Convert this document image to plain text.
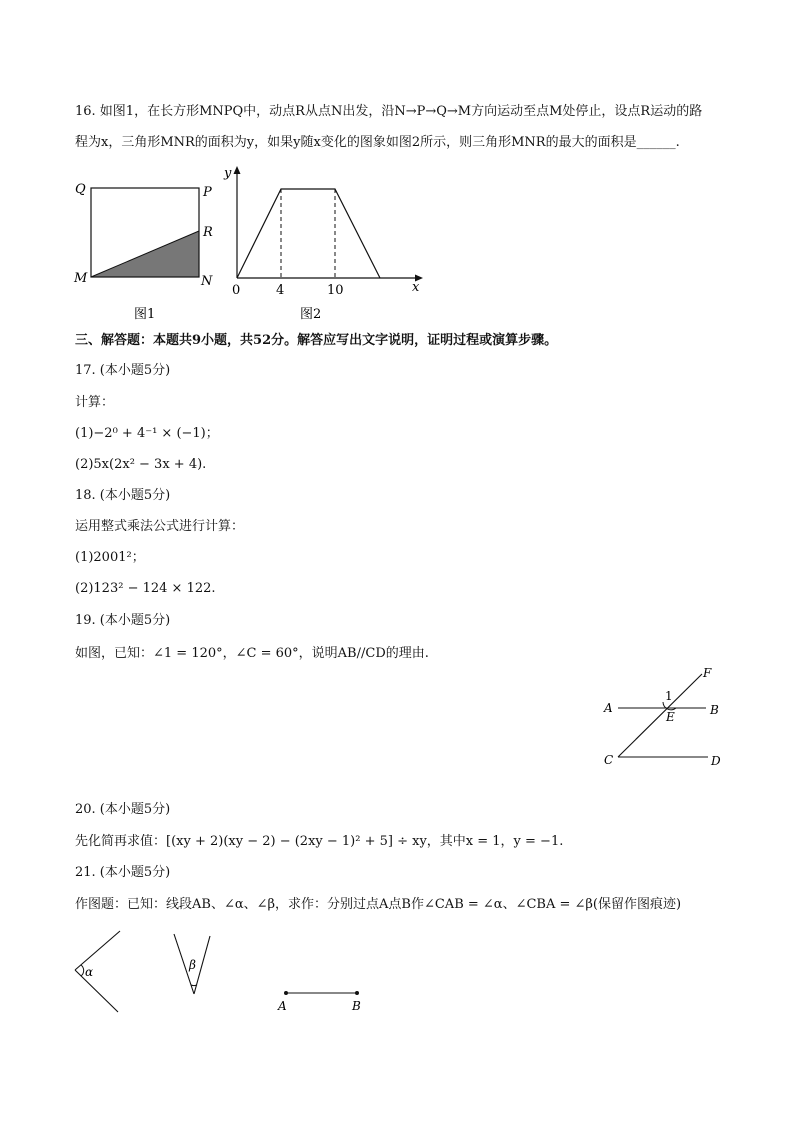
16. 如图1，在长方形MNPQ中，动点R从点N出发，沿N→P→Q→M方向运动至点M处停止，设点R运动的路
程为x，三角形MNR的面积为y，如果y随x变化的图象如图2所示，则三角形MNR的最大的面积是______.
Q	P
R
M	N
图1
y
x
0	4	10
图2
三、解答题：本题共9小题，共52分。解答应写出文字说明，证明过程或演算步骤。
17. (本小题5分)
计算：
(1)−2⁰ + 4⁻¹ × (−1)；
(2)5x(2x² − 3x + 4).
18. (本小题5分)
运用整式乘法公式进行计算：
(1)2001²；
(2)123² − 124 × 122.
19. (本小题5分)
如图，已知：∠1 = 120°，∠C = 60°，说明AB//CD的理由.
F
1
A
E	B
C	D
20. (本小题5分)
先化简再求值：[(xy + 2)(xy − 2) − (2xy − 1)² + 5] ÷ xy，其中x = 1，y = −1.
21. (本小题5分)
作图题：已知：线段AB、∠α、∠β，求作：分别过点A点B作∠CAB = ∠α、∠CBA = ∠β(保留作图痕迹)
α	β
A	B
